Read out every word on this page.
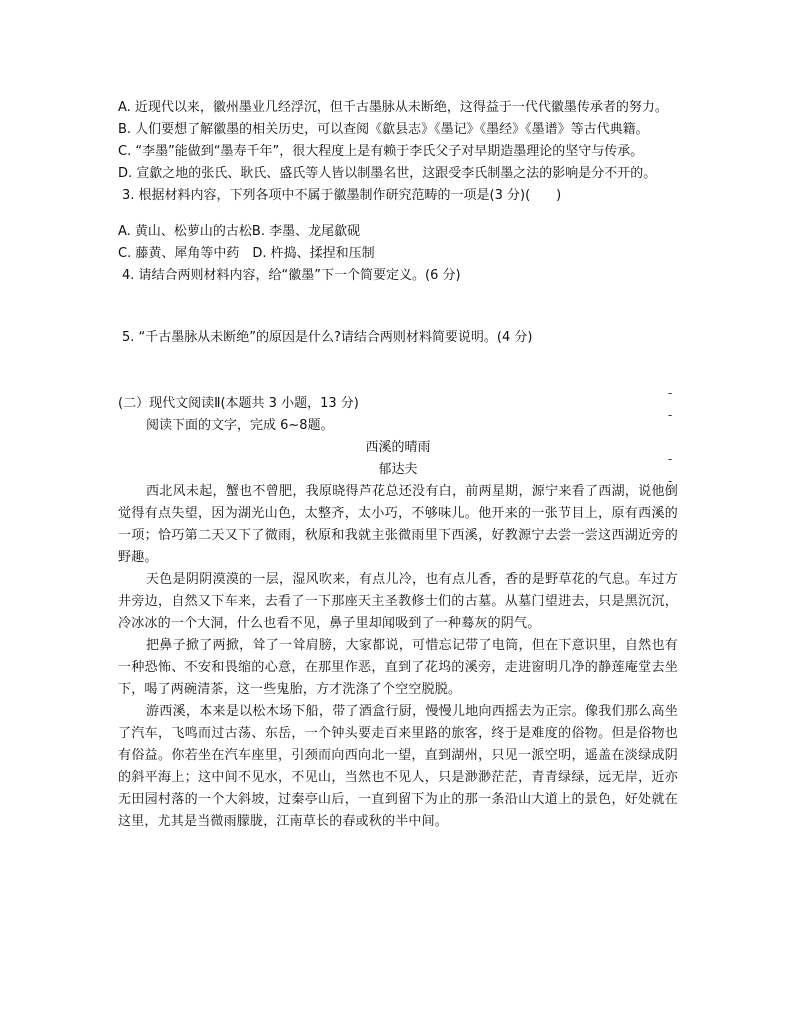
A. 近现代以来，徽州墨业几经浮沉，但千古墨脉从未断绝，这得益于一代代徽墨传承者的努力。

B. 人们要想了解徽墨的相关历史，可以查阅《歙县志》《墨记》《墨经》《墨谱》等古代典籍。

C. “李墨”能做到“墨寿千年”，很大程度上是有赖于李氏父子对早期造墨理论的坚守与传承。

D. 宣歙之地的张氏、耿氏、盛氏等人皆以制墨名世，这跟受李氏制墨之法的影响是分不开的。

3. 根据材料内容，下列各项中不属于徽墨制作研究范畴的一项是(3 分)(　　)

A. 黄山、松萝山的古松B. 李墨、龙尾歙砚

C. 藤黄、犀角等中药　D. 杵捣、揉捏和压制

4. 请结合两则材料内容，给“徽墨”下一个简要定义。(6 分)

5. “千古墨脉从未断绝”的原因是什么?请结合两则材料简要说明。(4 分)

(二）现代文阅读Ⅱ(本题共 3 小题，13 分)

阅读下面的文字，完成 6~8题。

西溪的晴雨

郁达夫

西北风未起，蟹也不曾肥，我原晓得芦花总还没有白，前两星期，源宁来看了西湖，说他倒觉得有点失望，因为湖光山色，太整齐，太小巧，不够味儿。他开来的一张节目上，原有西溪的一项；恰巧第二天又下了微雨，秋原和我就主张微雨里下西溪，好教源宁去尝一尝这西湖近旁的野趣。

天色是阴阴漠漠的一层，湿风吹来，有点儿冷，也有点儿香，香的是野草花的气息。车过方井旁边，自然又下车来，去看了一下那座天主圣教修士们的古墓。从墓门望进去，只是黑沉沉，冷冰冰的一个大洞，什么也看不见，鼻子里却闻吸到了一种蓦灰的阴气。

把鼻子掀了两掀，耸了一耸肩膀，大家都说，可惜忘记带了电筒，但在下意识里，自然也有一种恐怖、不安和畏缩的心意，在那里作恶，直到了花坞的溪旁，走进窗明几净的静莲庵堂去坐下，喝了两碗清茶，这一些鬼胎，方才洗涤了个空空脱脱。

游西溪，本来是以松木场下船，带了酒盒行厨，慢慢儿地向西摇去为正宗。像我们那么高坐了汽车，飞鸣而过古荡、东岳，一个钟头要走百来里路的旅客，终于是难度的俗物。但是俗物也有俗益。你若坐在汽车座里，引颈而向西向北一望，直到湖州，只见一派空明，遥盖在淡绿成阴的斜平海上；这中间不见水，不见山，当然也不见人，只是渺渺茫茫，青青绿绿，远无岸，近亦无田园村落的一个大斜坡，过秦亭山后，一直到留下为止的那一条沿山大道上的景色，好处就在这里，尤其是当微雨朦胧，江南草长的春或秋的半中间。

-
-
-
-
